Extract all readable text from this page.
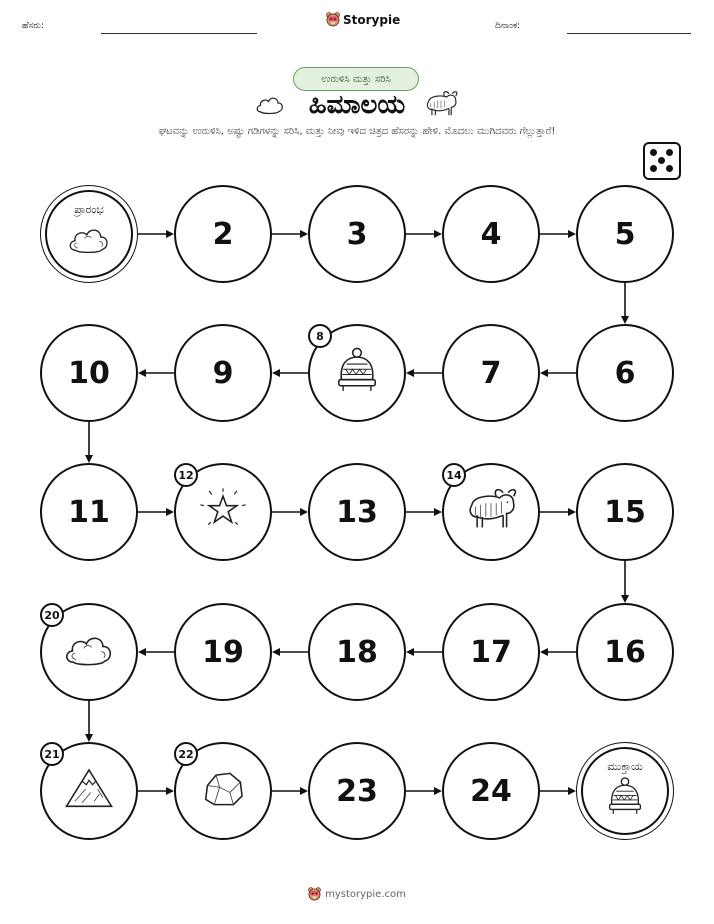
ಹೆಸರು:	Storypie	ದಿನಾಂಕ:
ಉರುಳಿಸಿ ಮತ್ತು ಸರಿಸಿ
ಹಿಮಾಲಯ
ಘಟವನ್ನು ಉರುಳಿಸಿ, ಅಷ್ಟು ಗಡಿಗಳನ್ನು ಸರಿಸಿ, ಮತ್ತು ನೀವು ಇಳಿದ ಚಿತ್ರದ ಹೆಸರನ್ನು ಹೇಳಿ. ಮೊದಲು ಮುಗಿದವರು ಗೆಲ್ಲುತ್ತಾರೆ!
ಪ್ರಾರಂಭ
2	3	4	5
6
7
8
9
10
11
12
13
14
15
16
17
18
19
20
21	22
23	24
ಮುಕ್ತಾಯ
mystorypie.com
